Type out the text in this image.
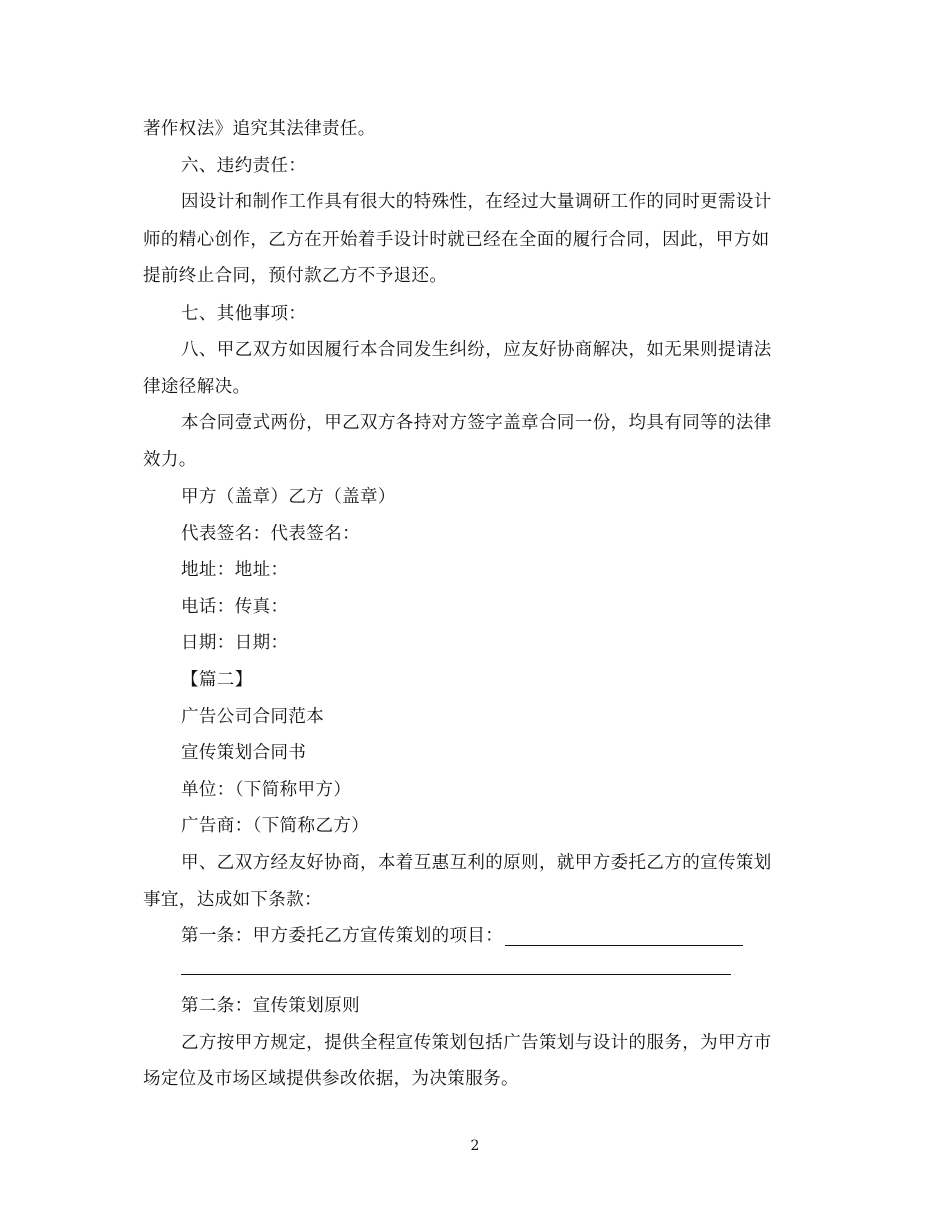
著作权法》追究其法律责任。
六、违约责任：
因设计和制作工作具有很大的特殊性，在经过大量调研工作的同时更需设计
师的精心创作，乙方在开始着手设计时就已经在全面的履行合同，因此，甲方如
提前终止合同，预付款乙方不予退还。
七、其他事项：
八、甲乙双方如因履行本合同发生纠纷，应友好协商解决，如无果则提请法
律途径解决。
本合同壹式两份，甲乙双方各持对方签字盖章合同一份，均具有同等的法律
效力。
甲方（盖章）乙方（盖章）
代表签名：代表签名：
地址：地址：
电话：传真：
日期：日期：
【篇二】
广告公司合同范本
宣传策划合同书
单位：（下简称甲方）
广告商：（下简称乙方）
甲、乙双方经友好协商，本着互惠互利的原则，就甲方委托乙方的宣传策划
事宜，达成如下条款：
第一条：甲方委托乙方宣传策划的项目：
第二条：宣传策划原则
乙方按甲方规定，提供全程宣传策划包括广告策划与设计的服务，为甲方市
场定位及市场区域提供参改依据，为决策服务。
2
